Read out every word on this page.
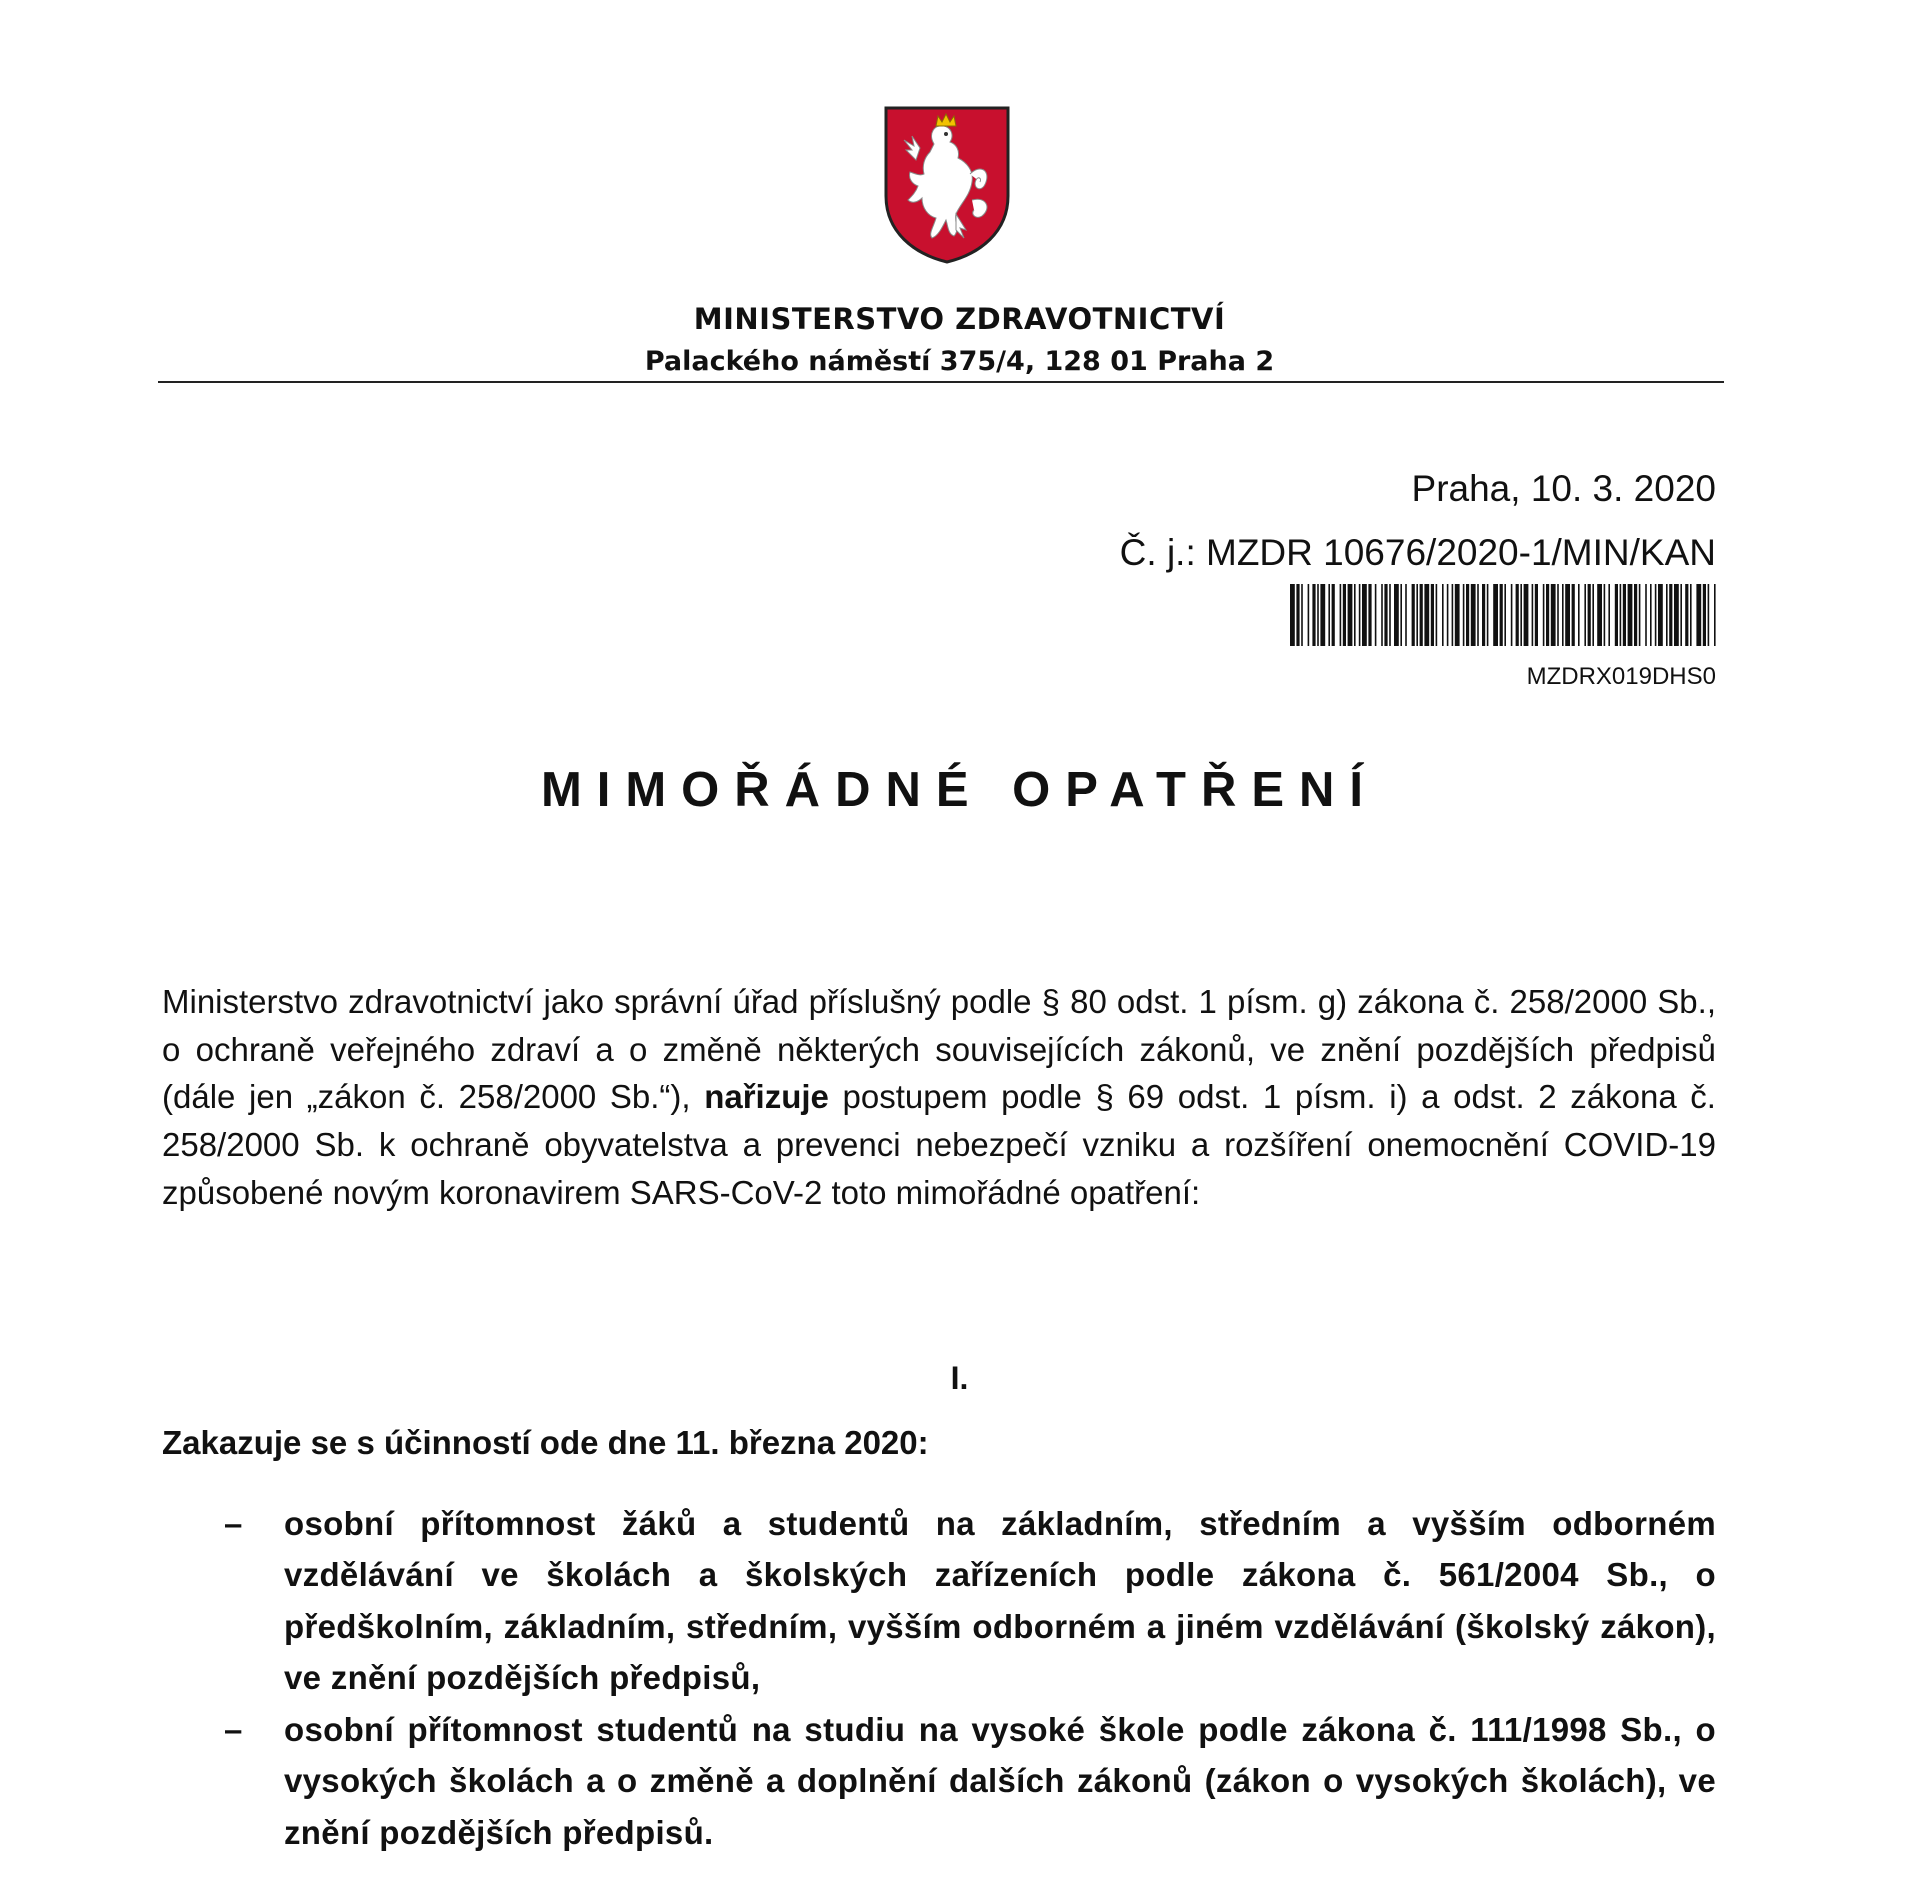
MINISTERSTVO ZDRAVOTNICTVÍ
Palackého náměstí 375/4, 128 01 Praha 2
Praha, 10. 3. 2020
Č. j.: MZDR 10676/2020-1/MIN/KAN
MZDRX019DHS0
MIMOŘÁDNÉ OPATŘENÍ

Ministerstvo zdravotnictví jako správní úřad příslušný podle § 80 odst. 1 písm. g) zákona č. 258/2000 Sb., o ochraně veřejného zdraví a o změně některých souvisejících zákonů, ve znění pozdějších předpisů (dále jen „zákon č. 258/2000 Sb.“), nařizuje postupem podle § 69 odst. 1 písm. i) a odst. 2 zákona č. 258/2000 Sb. k ochraně obyvatelstva a prevenci nebezpečí vzniku a rozšíření onemocnění COVID-19 způsobené novým koronavirem SARS-CoV-2 toto mimořádné opatření:

I.
Zakazuje se s účinností ode dne 11. března 2020:
– osobní přítomnost žáků a studentů na základním, středním a vyšším odborném vzdělávání ve školách a školských zařízeních podle zákona č. 561/2004 Sb., o předškolním, základním, středním, vyšším odborném a jiném vzdělávání (školský zákon), ve znění pozdějších předpisů,

– osobní přítomnost studentů na studiu na vysoké škole podle zákona č. 111/1998 Sb., o vysokých školách a o změně a doplnění dalších zákonů (zákon o vysokých školách), ve znění pozdějších předpisů.
